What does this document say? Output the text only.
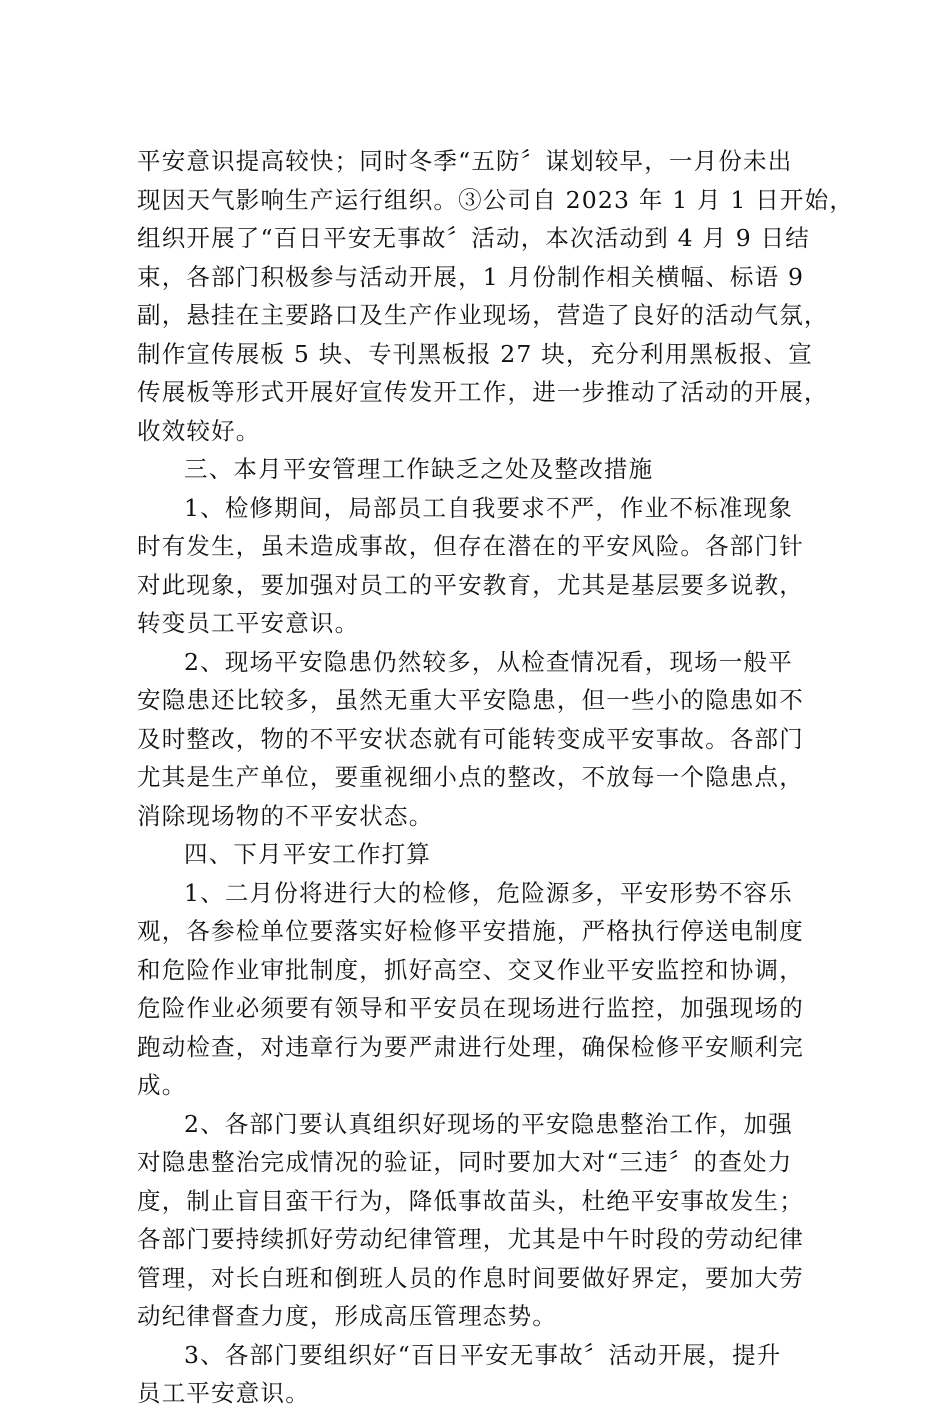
平安意识提高较快；同时冬季“五防〞谋划较早，一月份未出
现因天气影响生产运行组织。③公司自 2023 年 1 月 1 日开始，
组织开展了“百日平安无事故〞活动，本次活动到 4 月 9 日结
束，各部门积极参与活动开展，1 月份制作相关横幅、标语 9
副，悬挂在主要路口及生产作业现场，营造了良好的活动气氛，
制作宣传展板 5 块、专刊黑板报 27 块，充分利用黑板报、宣
传展板等形式开展好宣传发开工作，进一步推动了活动的开展，
收效较好。

三、本月平安管理工作缺乏之处及整改措施

1、检修期间，局部员工自我要求不严，作业不标准现象
时有发生，虽未造成事故，但存在潜在的平安风险。各部门针
对此现象，要加强对员工的平安教育，尤其是基层要多说教，
转变员工平安意识。

2、现场平安隐患仍然较多，从检查情况看，现场一般平
安隐患还比较多，虽然无重大平安隐患，但一些小的隐患如不
及时整改，物的不平安状态就有可能转变成平安事故。各部门
尤其是生产单位，要重视细小点的整改，不放每一个隐患点，
消除现场物的不平安状态。

四、下月平安工作打算

1、二月份将进行大的检修，危险源多，平安形势不容乐
观，各参检单位要落实好检修平安措施，严格执行停送电制度
和危险作业审批制度，抓好高空、交叉作业平安监控和协调，
危险作业必须要有领导和平安员在现场进行监控，加强现场的
跑动检查，对违章行为要严肃进行处理，确保检修平安顺利完
成。

2、各部门要认真组织好现场的平安隐患整治工作，加强
对隐患整治完成情况的验证，同时要加大对“三违〞的查处力
度，制止盲目蛮干行为，降低事故苗头，杜绝平安事故发生；
各部门要持续抓好劳动纪律管理，尤其是中午时段的劳动纪律
管理，对长白班和倒班人员的作息时间要做好界定，要加大劳
动纪律督查力度，形成高压管理态势。

3、各部门要组织好“百日平安无事故〞活动开展，提升
员工平安意识。
